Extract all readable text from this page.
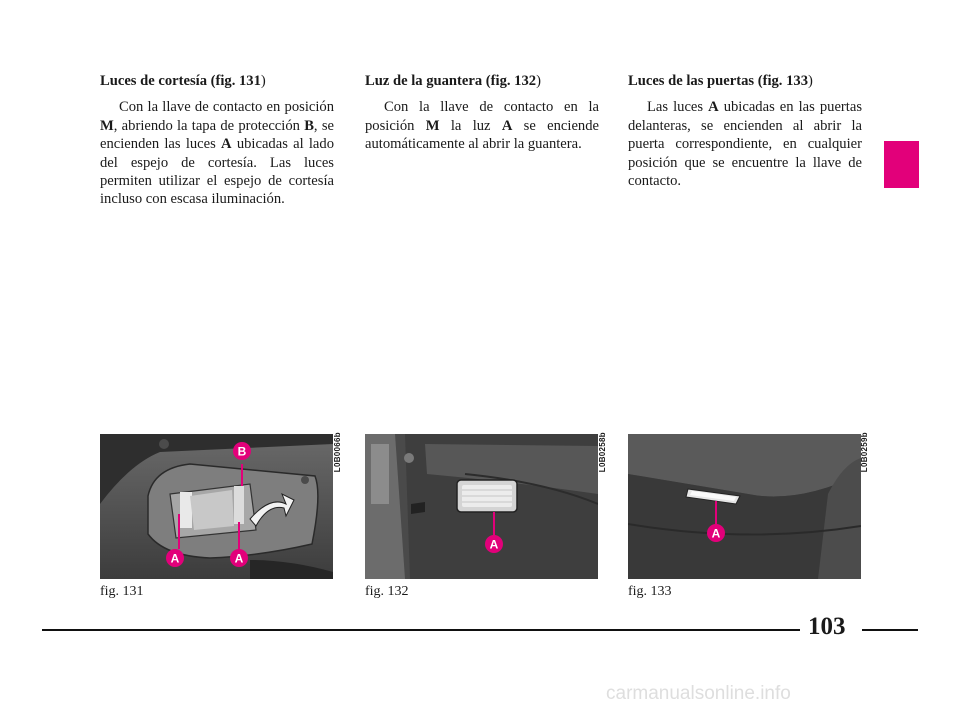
Luces de cortesía (fig. 131)

Con la llave de contacto en posición M, abriendo la tapa de protección B, se encienden las luces A ubicadas al lado del espejo de cortesía. Las luces permiten utilizar el espejo de cortesía incluso con escasa iluminación.

Luz de la guantera (fig. 132)

Con la llave de contacto en la posición M la luz A se enciende automáticamente al abrir la guantera.

Luces de las puertas (fig. 133)

Las luces A ubicadas en las puertas delanteras, se encienden al abrir la puerta correspondiente, en cualquier posición que se encuentre la llave de contacto.

B
A	A
A
A
L0B0066b	L0B0258b	L0B0259b
fig. 131	fig. 132	fig. 133
103
carmanualsonline.info
